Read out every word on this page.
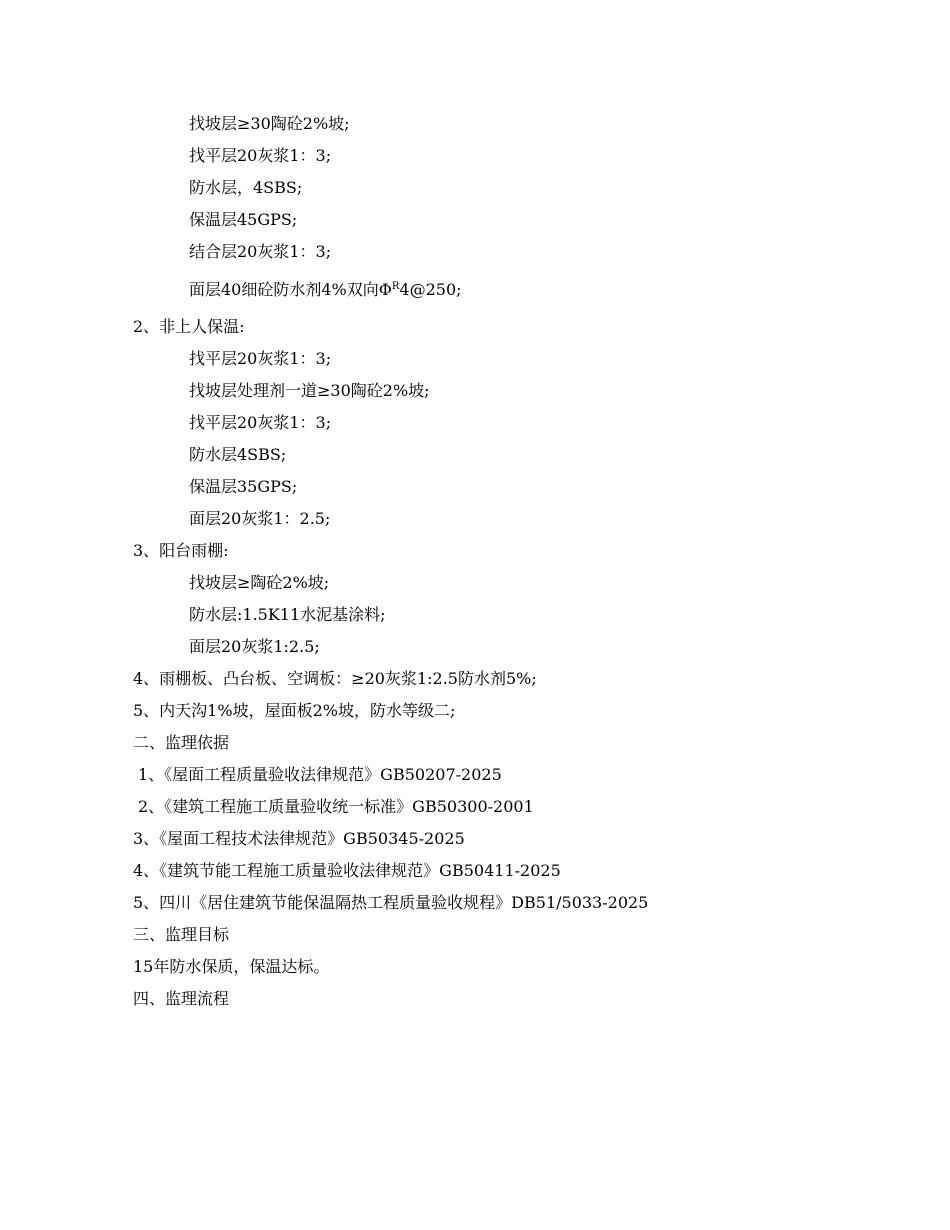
找坡层≥30陶砼2%坡;
找平层20灰浆1：3;
防水层，4SBS;
保温层45GPS;
结合层20灰浆1：3;
面层40细砼防水剂4%双向$\Phi^R4@250$;
2、非上人保温:
找平层20灰浆1：3;
找坡层处理剂一道≥30陶砼2%坡;
找平层20灰浆1：3;
防水层4SBS;
保温层35GPS;
面层20灰浆1：2.5;
3、阳台雨棚:
找坡层≥陶砼2%坡;
防水层:1.5K11水泥基涂料;
面层20灰浆1:2.5;
4、雨棚板、凸台板、空调板：≥20灰浆1:2.5防水剂5%;
5、内天沟1%坡，屋面板2%坡，防水等级二;
二、监理依据
1、《屋面工程质量验收法律规范》GB50207-2025
2、《建筑工程施工质量验收统一标准》GB50300-2001
3、《屋面工程技术法律规范》GB50345-2025
4、《建筑节能工程施工质量验收法律规范》GB50411-2025
5、四川《居住建筑节能保温隔热工程质量验收规程》DB51/5033-2025
三、监理目标
15年防水保质，保温达标。
四、监理流程
